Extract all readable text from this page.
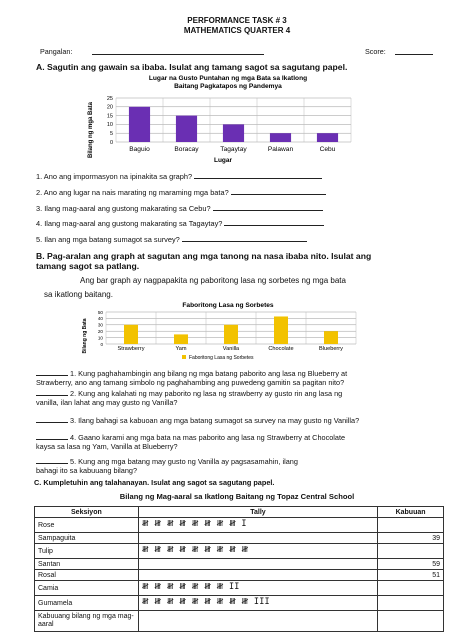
PERFORMANCE TASK # 3
MATHEMATICS QUARTER 4
Pangalan:	Score:
A. Sagutin ang gawain sa ibaba. Isulat ang tamang sagot sa sagutang papel.
Lugar na Gusto Puntahan ng mga Bata sa Ikatlong
Baitang Pagkatapos ng Pandemya
0
5
10
15
20
25
Baguio	Boracay	Tagaytay	Palawan	Cebu
Bilang ng mga Bata
Lugar
1. Ano ang impormasyon na ipinakita sa graph?
2. Ano ang lugar na nais marating ng maraming mga bata?
3. Ilang mag-aaral ang gustong makarating sa Cebu?
4. Ilang mag-aaral ang gustong makarating sa Tagaytay?
5. Ilan ang mga batang sumagot sa survey?
B. Pag-aralan ang graph at sagutan ang mga tanong na nasa ibaba nito. Isulat ang
tamang sagot sa patlang.
Ang bar graph ay nagpapakita ng paboritong lasa ng sorbetes ng mga bata
sa ikatlong baitang.
Faboritong Lasa ng Sorbetes
0
10
20
30
40
50
Strawberry	Yam	Vanilla	Chocolate	Blueberry
Bilang ng Bata
Faboritong Lasa ng Sorbetes
1. Kung paghahambingin ang bilang ng mga batang paborito ang lasa ng Blueberry at
Strawberry, ano ang tamang simbolo ng paghahambing ang puwedeng gamitin sa pagitan nito?
2. Kung ang kalahati ng may paborito ng lasa ng strawberry ay gusto rin ang lasa ng
vanilla, ilan lahat ang may gusto ng Vanilla?
3. Ilang bahagi sa kabuoan ang mga batang sumagot sa survey na may gusto ng Vanilla?
4. Gaano karami ang mga bata na mas paborito ang lasa ng Strawberry at Chocolate
kaysa sa lasa ng Yam, Vanilla at Blueberry?
5. Kung ang mga batang may gusto ng Vanilla ay pagsasamahin, ilang
bahagi ito sa kabuuang bilang?
C. Kumpletuhin ang talahanayan. Isulat ang sagot sa sagutang papel.
Bilang ng Mag-aaral sa Ikatlong Baitang ng Topaz Central School
Seksiyon	Tally	Kabuuan
Rose	𝍸 𝍸 𝍸 𝍸 𝍸 𝍸 𝍸 𝍸 I	
Sampaguita		39
Tulip	𝍸 𝍸 𝍸 𝍸 𝍸 𝍸 𝍸 𝍸 𝍸	
Santan		59
Rosal		51
Camia	𝍸 𝍸 𝍸 𝍸 𝍸 𝍸 𝍸 II	
Gumamela	𝍸 𝍸 𝍸 𝍸 𝍸 𝍸 𝍸 𝍸 𝍸 III	
Kabuuang bilang ng mga mag-aaral		
